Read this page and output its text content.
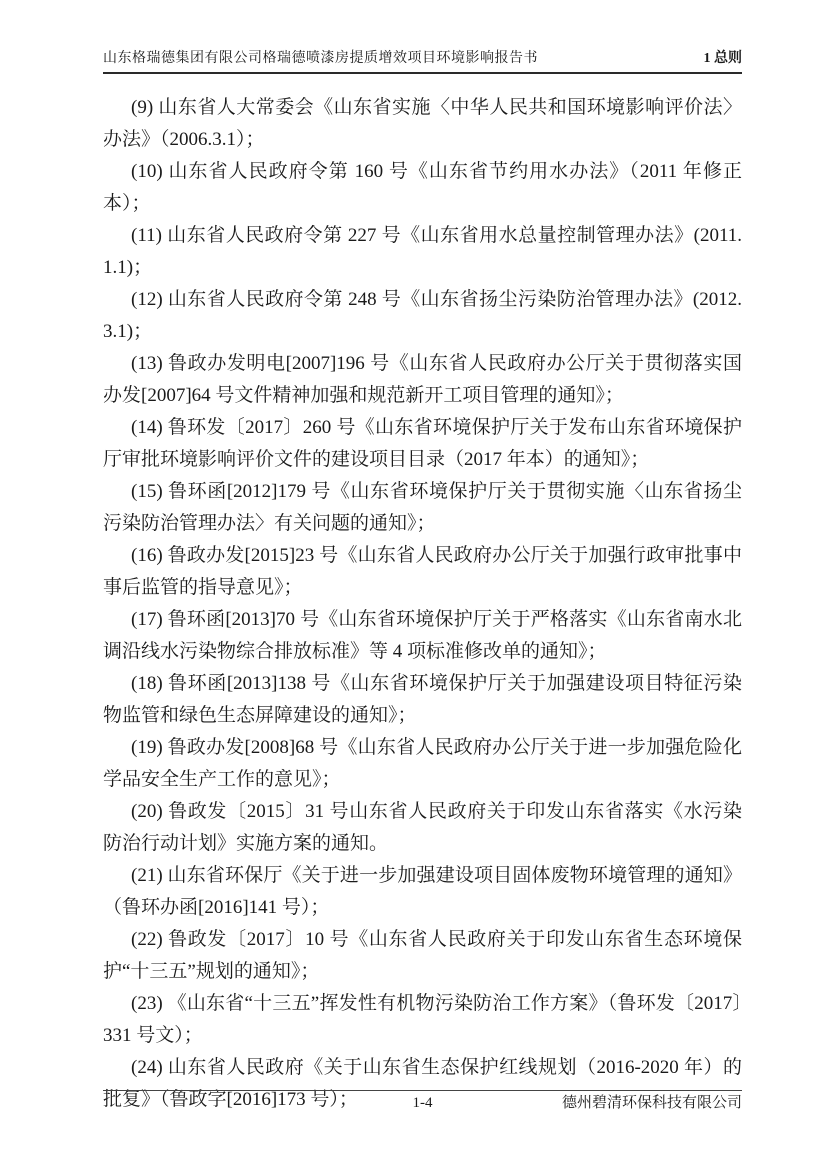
山东格瑞德集团有限公司格瑞德喷漆房提质增效项目环境影响报告书	1 总则

(9) 山东省人大常委会《山东省实施〈中华人民共和国环境影响评价法〉办法》（2006.3.1）；

(10) 山东省人民政府令第 160 号《山东省节约用水办法》（2011 年修正本）；

(11) 山东省人民政府令第 227 号《山东省用水总量控制管理办法》(2011.1.1)；

(12) 山东省人民政府令第 248 号《山东省扬尘污染防治管理办法》(2012.3.1)；

(13) 鲁政办发明电[2007]196 号《山东省人民政府办公厅关于贯彻落实国办发[2007]64 号文件精神加强和规范新开工项目管理的通知》；

(14) 鲁环发〔2017〕260 号《山东省环境保护厅关于发布山东省环境保护厅审批环境影响评价文件的建设项目目录（2017 年本）的通知》；

(15) 鲁环函[2012]179 号《山东省环境保护厅关于贯彻实施〈山东省扬尘污染防治管理办法〉有关问题的通知》；

(16) 鲁政办发[2015]23 号《山东省人民政府办公厅关于加强行政审批事中事后监管的指导意见》；

(17) 鲁环函[2013]70 号《山东省环境保护厅关于严格落实《山东省南水北调沿线水污染物综合排放标准》等 4 项标准修改单的通知》；

(18) 鲁环函[2013]138 号《山东省环境保护厅关于加强建设项目特征污染物监管和绿色生态屏障建设的通知》；

(19) 鲁政办发[2008]68 号《山东省人民政府办公厅关于进一步加强危险化学品安全生产工作的意见》；

(20) 鲁政发〔2015〕31 号山东省人民政府关于印发山东省落实《水污染防治行动计划》实施方案的通知。

(21) 山东省环保厅《关于进一步加强建设项目固体废物环境管理的通知》（鲁环办函[2016]141 号）；

(22) 鲁政发〔2017〕10 号《山东省人民政府关于印发山东省生态环境保护“十三五”规划的通知》；

(23) 《山东省“十三五”挥发性有机物污染防治工作方案》（鲁环发〔2017〕331 号文）；

(24) 山东省人民政府《关于山东省生态保护红线规划（2016-2020 年）的批复》（鲁政字[2016]173 号）；	1-4	德州碧清环保科技有限公司
